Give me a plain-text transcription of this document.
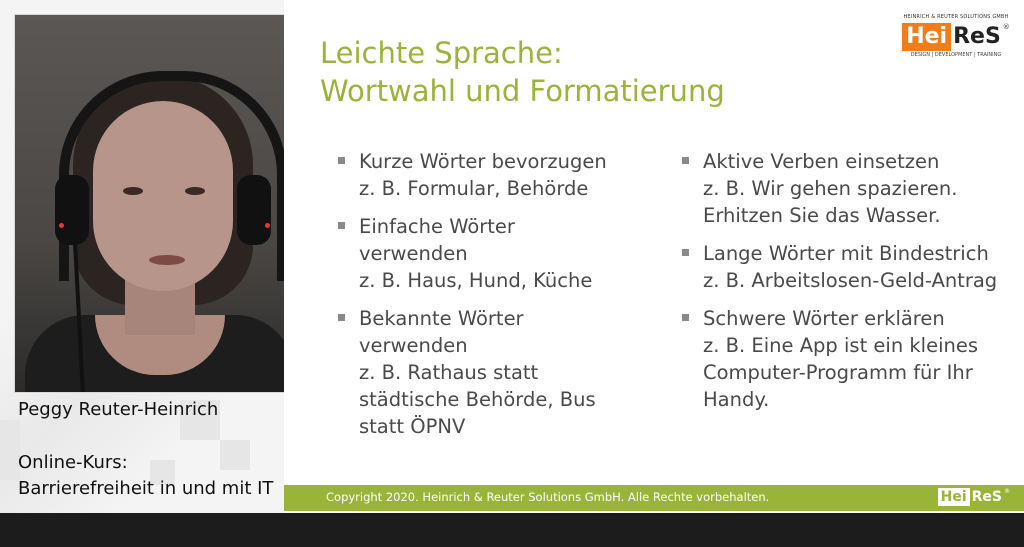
Peggy Reuter-Heinrich
Online-Kurs:
Barrierefreiheit in und mit IT
Leichte Sprache:
Wortwahl und Formatierung
HEINRICH & REUTER SOLUTIONS GMBH
Hei ReS ®
DESIGN | DEVELOPMENT | TRAINING
Kurze Wörter bevorzugen
z. B. Formular, Behörde
Einfache Wörter
verwenden
z. B. Haus, Hund, Küche
Bekannte Wörter
verwenden
z. B. Rathaus statt
städtische Behörde, Bus
statt ÖPNV
Aktive Verben einsetzen
z. B. Wir gehen spazieren.
Erhitzen Sie das Wasser.
Lange Wörter mit Bindestrich
z. B. Arbeitslosen-Geld-Antrag
Schwere Wörter erklären
z. B. Eine App ist ein kleines
Computer-Programm für Ihr
Handy.
Copyright 2020. Heinrich & Reuter Solutions GmbH. Alle Rechte vorbehalten.	Hei ReS ®
